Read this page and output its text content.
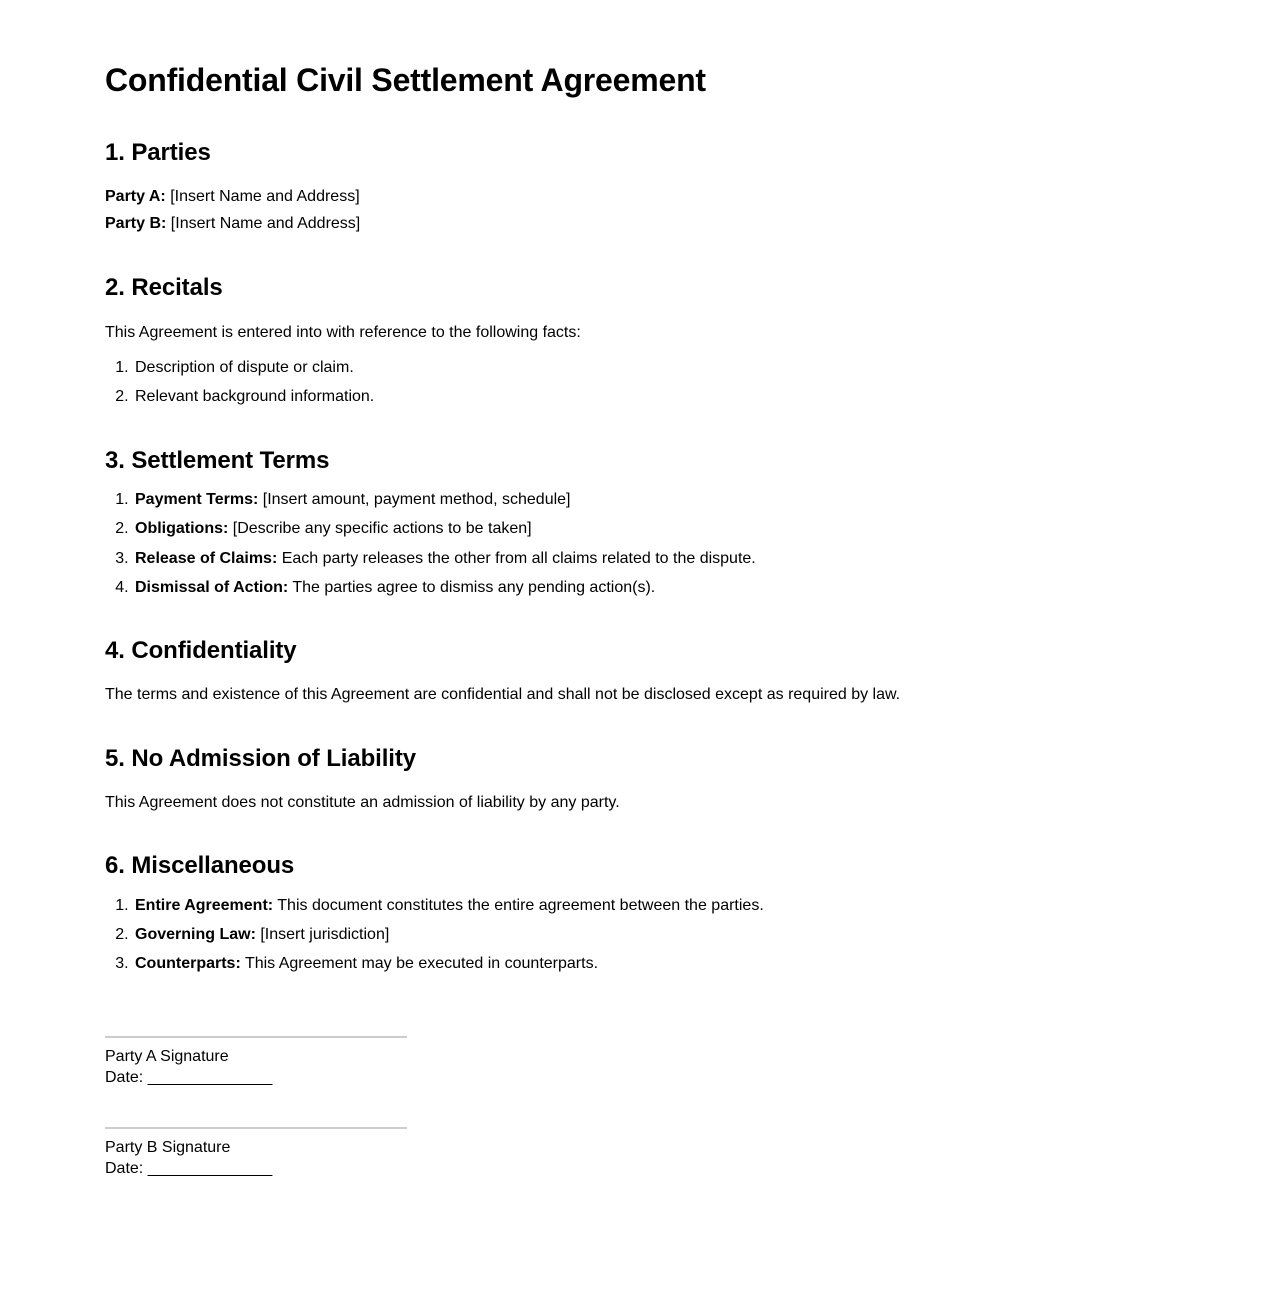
Confidential Civil Settlement Agreement
1. Parties

Party A: [Insert Name and Address]

Party B: [Insert Name and Address]

2. Recitals

This Agreement is entered into with reference to the following facts:

1. Description of dispute or claim.
2. Relevant background information.
3. Settlement Terms
1. Payment Terms: [Insert amount, payment method, schedule]
2. Obligations: [Describe any specific actions to be taken]
3. Release of Claims: Each party releases the other from all claims related to the dispute.
4. Dismissal of Action: The parties agree to dismiss any pending action(s).
4. Confidentiality

The terms and existence of this Agreement are confidential and shall not be disclosed except as required by law.

5. No Admission of Liability

This Agreement does not constitute an admission of liability by any party.

6. Miscellaneous
1. Entire Agreement: This document constitutes the entire agreement between the parties.
2. Governing Law: [Insert jurisdiction]
3. Counterparts: This Agreement may be executed in counterparts.

Party A Signature

Date: ______________

Party B Signature

Date: ______________
